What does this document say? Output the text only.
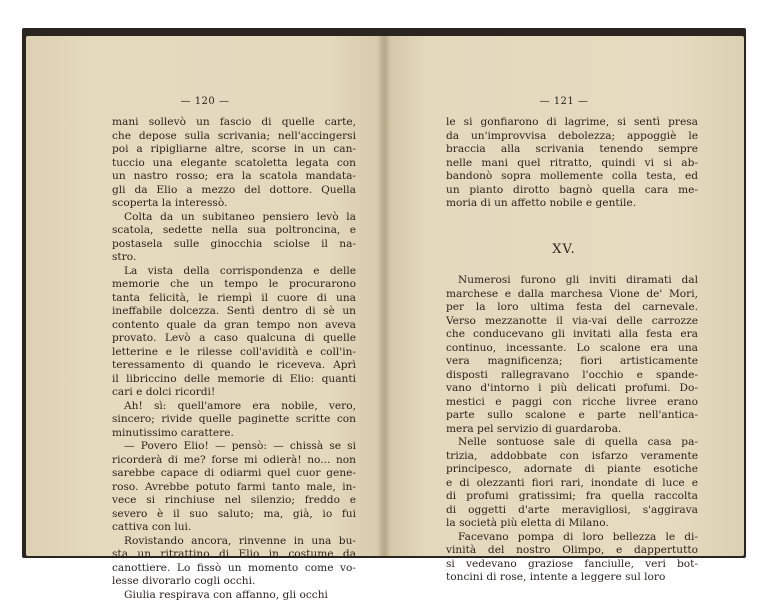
— 120 —
mani sollevò un fascio di quelle carte,
che depose sulla scrivania; nell'accingersi
poi a ripigliarne altre, scorse in un can-
tuccio una elegante scatoletta legata con
un nastro rosso; era la scatola mandata-
gli da Elio a mezzo del dottore. Quella
scoperta la interessò.
Colta da un subitaneo pensiero levò la
scatola, sedette nella sua poltroncina, e
postasela sulle ginocchia sciolse il na-
stro.
La vista della corrispondenza e delle
memorie che un tempo le procurarono
tanta felicità, le riempì il cuore di una
ineffabile dolcezza. Sentì dentro di sè un
contento quale da gran tempo non aveva
provato. Levò a caso qualcuna di quelle
letterine e le rilesse coll'avidità e coll'in-
teressamento di quando le riceveva. Aprì
il libriccino delle memorie di Elio: quanti
cari e dolci ricordi!
Ah! sì: quell'amore era nobile, vero,
sincero; rivide quelle paginette scritte con
minutissimo carattere.
— Povero Elio! — pensò: — chissà se si
ricorderà di me? forse mi odierà! no... non
sarebbe capace di odiarmi quel cuor gene-
roso. Avrebbe potuto farmi tanto male, in-
vece si rinchiuse nel silenzio; freddo e
severo è il suo saluto; ma, già, io fui
cattiva con lui.
Rovistando ancora, rinvenne in una bu-
sta un ritrattino di Elio in costume da
canottiere. Lo fissò un momento come vo-
lesse divorarlo cogli occhi.
Giulia respirava con affanno, gli occhi
— 121 —
le si gonfiarono di lagrime, si sentì presa
da un'improvvisa debolezza; appoggiè le
braccia alla scrivania tenendo sempre
nelle mani quel ritratto, quindi vi si ab-
bandonò sopra mollemente colla testa, ed
un pianto dirotto bagnò quella cara me-
moria di un affetto nobile e gentile.
XV.
Numerosi furono gli inviti diramati dal
marchese e dalla marchesa Vione de' Mori,
per la loro ultima festa del carnevale.
Verso mezzanotte il via-vai delle carrozze
che conducevano gli invitati alla festa era
continuo, incessante. Lo scalone era una
vera magnificenza; fiori artisticamente
disposti rallegravano l'occhio e spande-
vano d'intorno i più delicati profumi. Do-
mestici e paggi con ricche livree erano
parte sullo scalone e parte nell'antica-
mera pel servizio di guardaroba.
Nelle sontuose sale di quella casa pa-
trizia, addobbate con isfarzo veramente
principesco, adornate di piante esotiche
e di olezzanti fiori rari, inondate di luce e
di profumi gratissimi; fra quella raccolta
di oggetti d'arte meravigliosi, s'aggirava
la società più eletta di Milano.
Facevano pompa di loro bellezza le di-
vinità del nostro Olimpo, e dappertutto
si vedevano graziose fanciulle, veri bot-
toncini di rose, intente a leggere sul loro
